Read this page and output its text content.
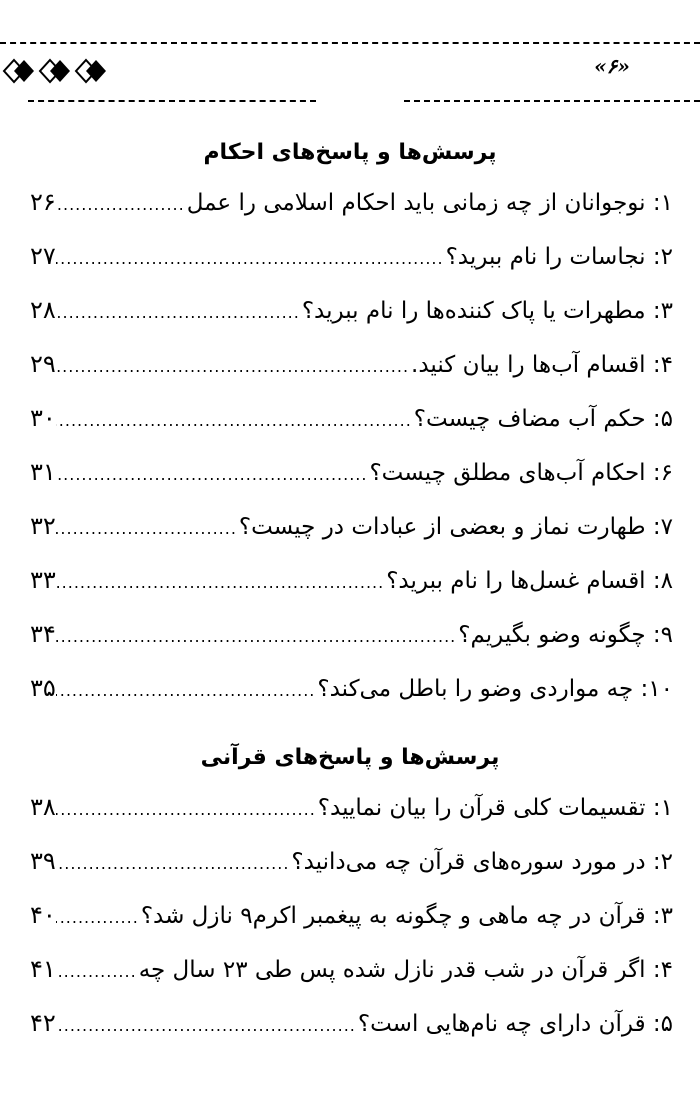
«۶»
پرسش‌ها و پاسخ‌های احکام
۱: نوجوانان از چه زمانی باید احکام اسلامی را عمل
.....
۲۶
۲: نجاسات را نام ببرید؟
.....
۲۷
۳: مطهرات یا پاک کننده‌ها را نام ببرید؟
.....
۲۸
۴: اقسام آب‌ها را بیان کنید.
.....
۲۹
۵: حکم آب مضاف چیست؟
.....
۳۰
۶: احکام آب‌های مطلق چیست؟
.....
۳۱
۷: طهارت نماز و بعضی از عبادات در چیست؟
.....
۳۲
۸: اقسام غسل‌ها را نام ببرید؟
.....
۳۳
۹: چگونه وضو بگیریم؟
.....
۳۴
۱۰: چه مواردی وضو را باطل می‌کند؟
.....
۳۵
پرسش‌ها و پاسخ‌های قرآنی
۱: تقسیمات کلی قرآن را بیان نمایید؟
.....
۳۸
۲: در مورد سوره‌های قرآن چه می‌دانید؟
.....
۳۹
۳: قرآن در چه ماهی و چگونه به پیغمبر اکرم۹ نازل شد؟
.....
۴۰
۴: اگر قرآن در شب قدر نازل شده پس طی ۲۳ سال چه
.....
۴۱
۵: قرآن دارای چه نام‌هایی است؟
.....
۴۲
